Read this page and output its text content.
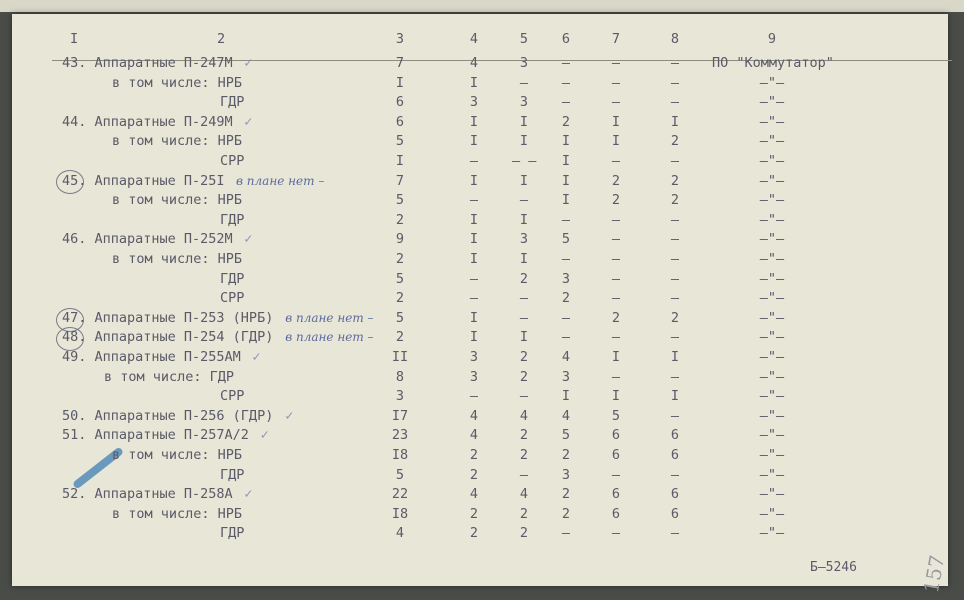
I	2	3	4	5	6	7	8	9
43. Аппаратные П-247М ✓	7	4	3	–	–	–	ПО "Коммутатор"
в том числе: НРБ	I	I	–	–	–	–	–"–
ГДР	6	3	3	–	–	–	–"–
44. Аппаратные П-249М ✓	6	I	I	2	I	I	–"–
в том числе: НРБ	5	I	I	I	I	2	–"–
СРР	I	–	– –	I	–	–	–"–
45. Аппаратные П-25I в плане нет –	7	I	I	I	2	2	–"–
в том числе: НРБ	5	–	–	I	2	2	–"–
ГДР	2	I	I	–	–	–	–"–
46. Аппаратные П-252М ✓	9	I	3	5	–	–	–"–
в том числе: НРБ	2	I	I	–	–	–	–"–
ГДР	5	–	2	3	–	–	–"–
СРР	2	–	–	2	–	–	–"–
47. Аппаратные П-253 (НРБ) в плане нет –	5	I	–	–	2	2	–"–
48. Аппаратные П-254 (ГДР) в плане нет –	2	I	I	–	–	–	–"–
49. Аппаратные П-255АМ ✓	II	3	2	4	I	I	–"–
в том числе: ГДР	8	3	2	3	–	–	–"–
СРР	3	–	–	I	I	I	–"–
50. Аппаратные П-256 (ГДР) ✓	I7	4	4	4	5	–	–"–
51. Аппаратные П-257А/2 ✓	23	4	2	5	6	6	–"–
в том числе: НРБ	I8	2	2	2	6	6	–"–
ГДР	5	2	–	3	–	–	–"–
52. Аппаратные П-258А ✓	22	4	4	2	6	6	–"–
в том числе: НРБ	I8	2	2	2	6	6	–"–
ГДР	4	2	2	–	–	–	–"–
Б–5246	157
